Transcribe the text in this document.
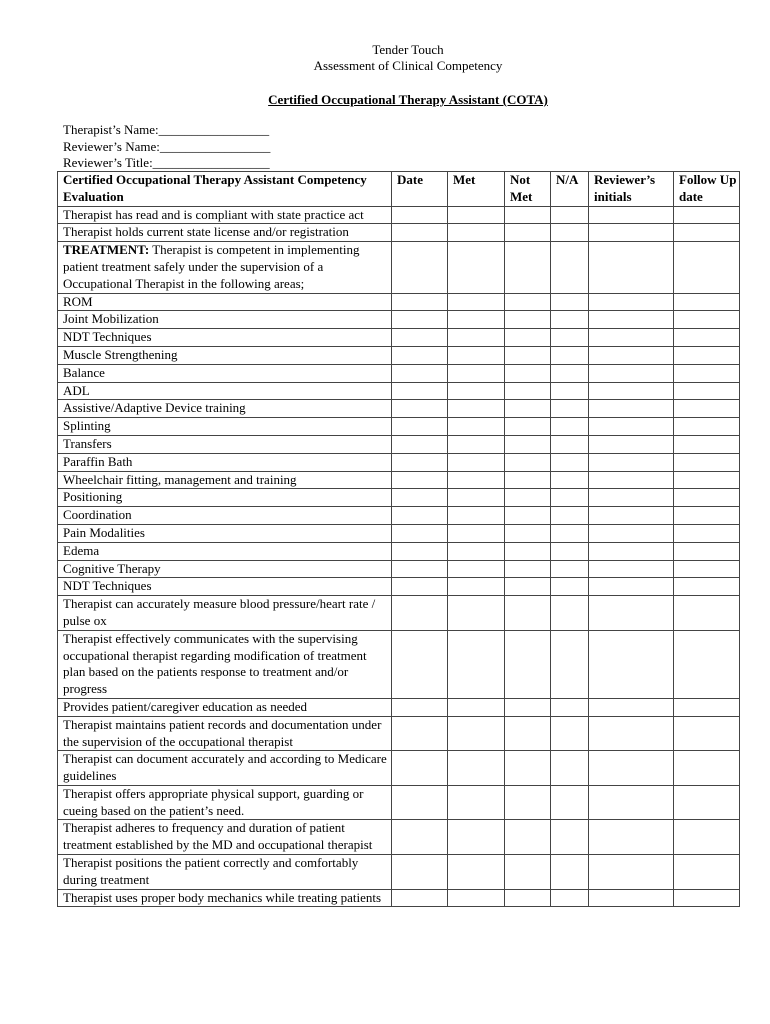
Tender Touch
Assessment of Clinical Competency
Certified Occupational Therapy Assistant (COTA)
Therapist’s Name:_________________
Reviewer’s Name:_________________
Reviewer’s Title:__________________
Certified Occupational Therapy Assistant Competency Evaluation	Date	Met	Not Met	N/A	Reviewer’s initials	Follow Up date
Therapist has read and is compliant with state practice act						
Therapist holds current state license and/or registration						
TREATMENT: Therapist is competent in implementing patient treatment safely under the supervision of a Occupational Therapist in the following areas;						
ROM						
Joint Mobilization						
NDT Techniques						
Muscle Strengthening						
Balance						
ADL						
Assistive/Adaptive Device training						
Splinting						
Transfers						
Paraffin Bath						
Wheelchair fitting, management and training						
Positioning						
Coordination						
Pain Modalities						
Edema						
Cognitive Therapy						
NDT Techniques						
Therapist can accurately measure blood pressure/heart rate / pulse ox						
Therapist effectively communicates with the supervising occupational therapist regarding modification of treatment plan based on the patients response to treatment and/or progress						
Provides patient/caregiver education as needed						
Therapist maintains patient records and documentation under the supervision of the occupational therapist						
Therapist can document accurately and according to Medicare guidelines						
Therapist offers appropriate physical support, guarding or cueing based on the patient’s need.						
Therapist adheres to frequency and duration of patient treatment established by the MD and occupational therapist						
Therapist positions the patient correctly and comfortably during treatment						
Therapist uses proper body mechanics while treating patients						
